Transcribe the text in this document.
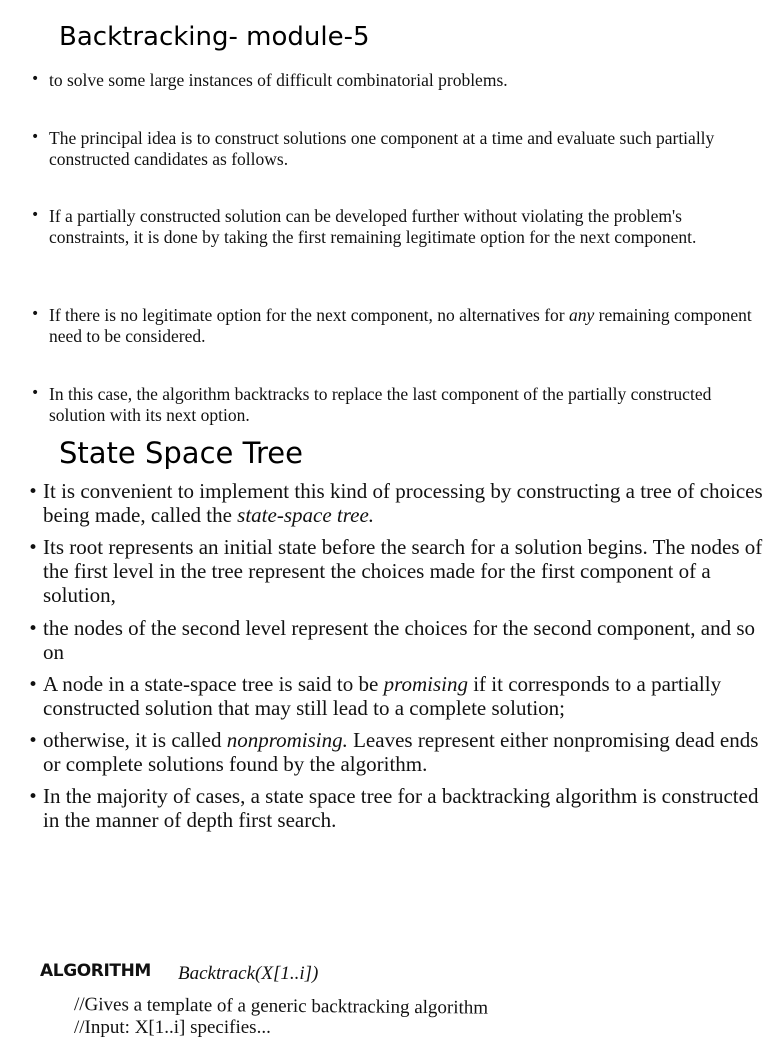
Backtracking- module-5
• to solve some large instances of difficult combinatorial problems.
• The principal idea is to construct solutions one component at a time and evaluate such partially constructed candidates as follows.
• If a partially constructed solution can be developed further without violating the problem's constraints, it is done by taking the first remaining legitimate option for the next component.
• If there is no legitimate option for the next component, no alternatives for any remaining component need to be considered.
• In this case, the algorithm backtracks to replace the last component of the partially constructed solution with its next option.
State Space Tree
• It is convenient to implement this kind of processing by constructing a tree of choices being made, called the state-space tree.
• Its root represents an initial state before the search for a solution begins. The nodes of the first level in the tree represent the choices made for the first component of a solution,
• the nodes of the second level represent the choices for the second component, and so on
• A node in a state-space tree is said to be promising if it corresponds to a partially constructed solution that may still lead to a complete solution;
• otherwise, it is called nonpromising. Leaves represent either nonpromising dead ends or complete solutions found by the algorithm.
• In the majority of cases, a state space tree for a backtracking algorithm is constructed in the manner of depth first search.
ALGORITHM Backtrack(X[1..i])
//Gives a template of a generic backtracking algorithm
//Input: X[1..i] specifies...
